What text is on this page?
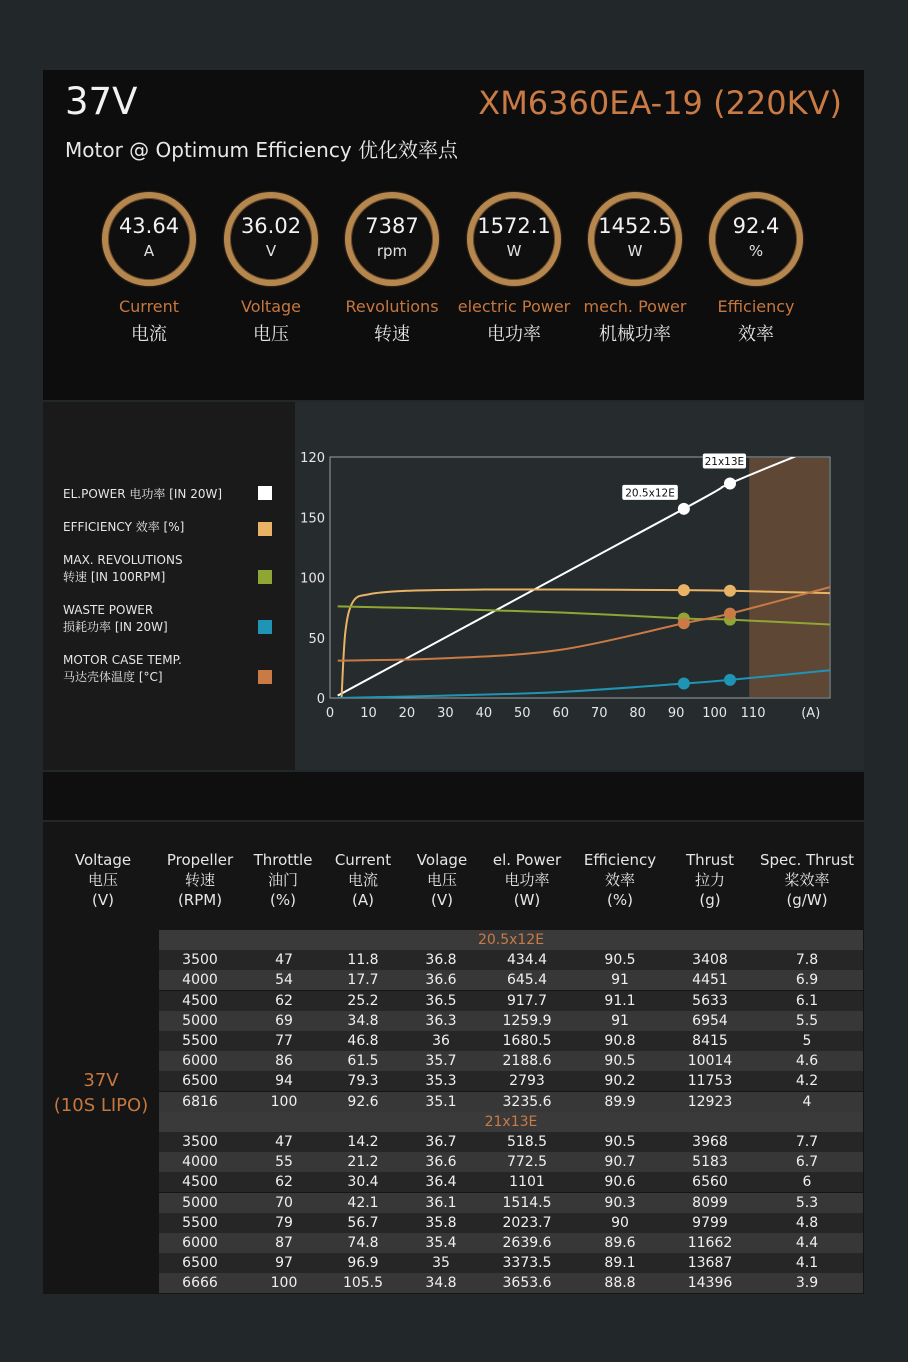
37V	XM6360EA-19 (220KV)
Motor @ Optimum Efficiency 优化效率点
43.64
A
Current
电流
36.02
V
Voltage
电压
7387
rpm
Revolutions
转速
1572.1
W
electric Power
电功率
1452.5
W
mech. Power
机械功率
92.4
%
Efficiency
效率
EL.POWER 电功率 [IN 20W]
EFFICIENCY 效率 [%]
MAX. REVOLUTIONS
转速 [IN 100RPM]
WASTE POWER
损耗功率 [IN 20W]
MOTOR CASE TEMP.
马达壳体温度 [°C]
0 10 20 30 40 50 60 70 80 90 100 110	(A)
0
50
100
150
120
20.5x12E
21x13E
Voltage
电压
(V)
Propeller
转速
(RPM)
Throttle
油门
(%)
Current
电流
(A)
Volage
电压
(V)
el. Power
电功率
(W)
Efficiency
效率
(%)
Thrust
拉力
(g)
Spec. Thrust
桨效率
(g/W)
37V
(10S LIPO)
20.5x12E
3500	47	11.8	36.8	434.4	90.5	3408	7.8
4000	54	17.7	36.6	645.4	91	4451	6.9
4500	62	25.2	36.5	917.7	91.1	5633	6.1
5000	69	34.8	36.3	1259.9	91	6954	5.5
5500	77	46.8	36	1680.5	90.8	8415	5
6000	86	61.5	35.7	2188.6	90.5	10014	4.6
6500	94	79.3	35.3	2793	90.2	11753	4.2
6816	100	92.6	35.1	3235.6	89.9	12923	4
21x13E
3500	47	14.2	36.7	518.5	90.5	3968	7.7
4000	55	21.2	36.6	772.5	90.7	5183	6.7
4500	62	30.4	36.4	1101	90.6	6560	6
5000	70	42.1	36.1	1514.5	90.3	8099	5.3
5500	79	56.7	35.8	2023.7	90	9799	4.8
6000	87	74.8	35.4	2639.6	89.6	11662	4.4
6500	97	96.9	35	3373.5	89.1	13687	4.1
6666	100	105.5	34.8	3653.6	88.8	14396	3.9
